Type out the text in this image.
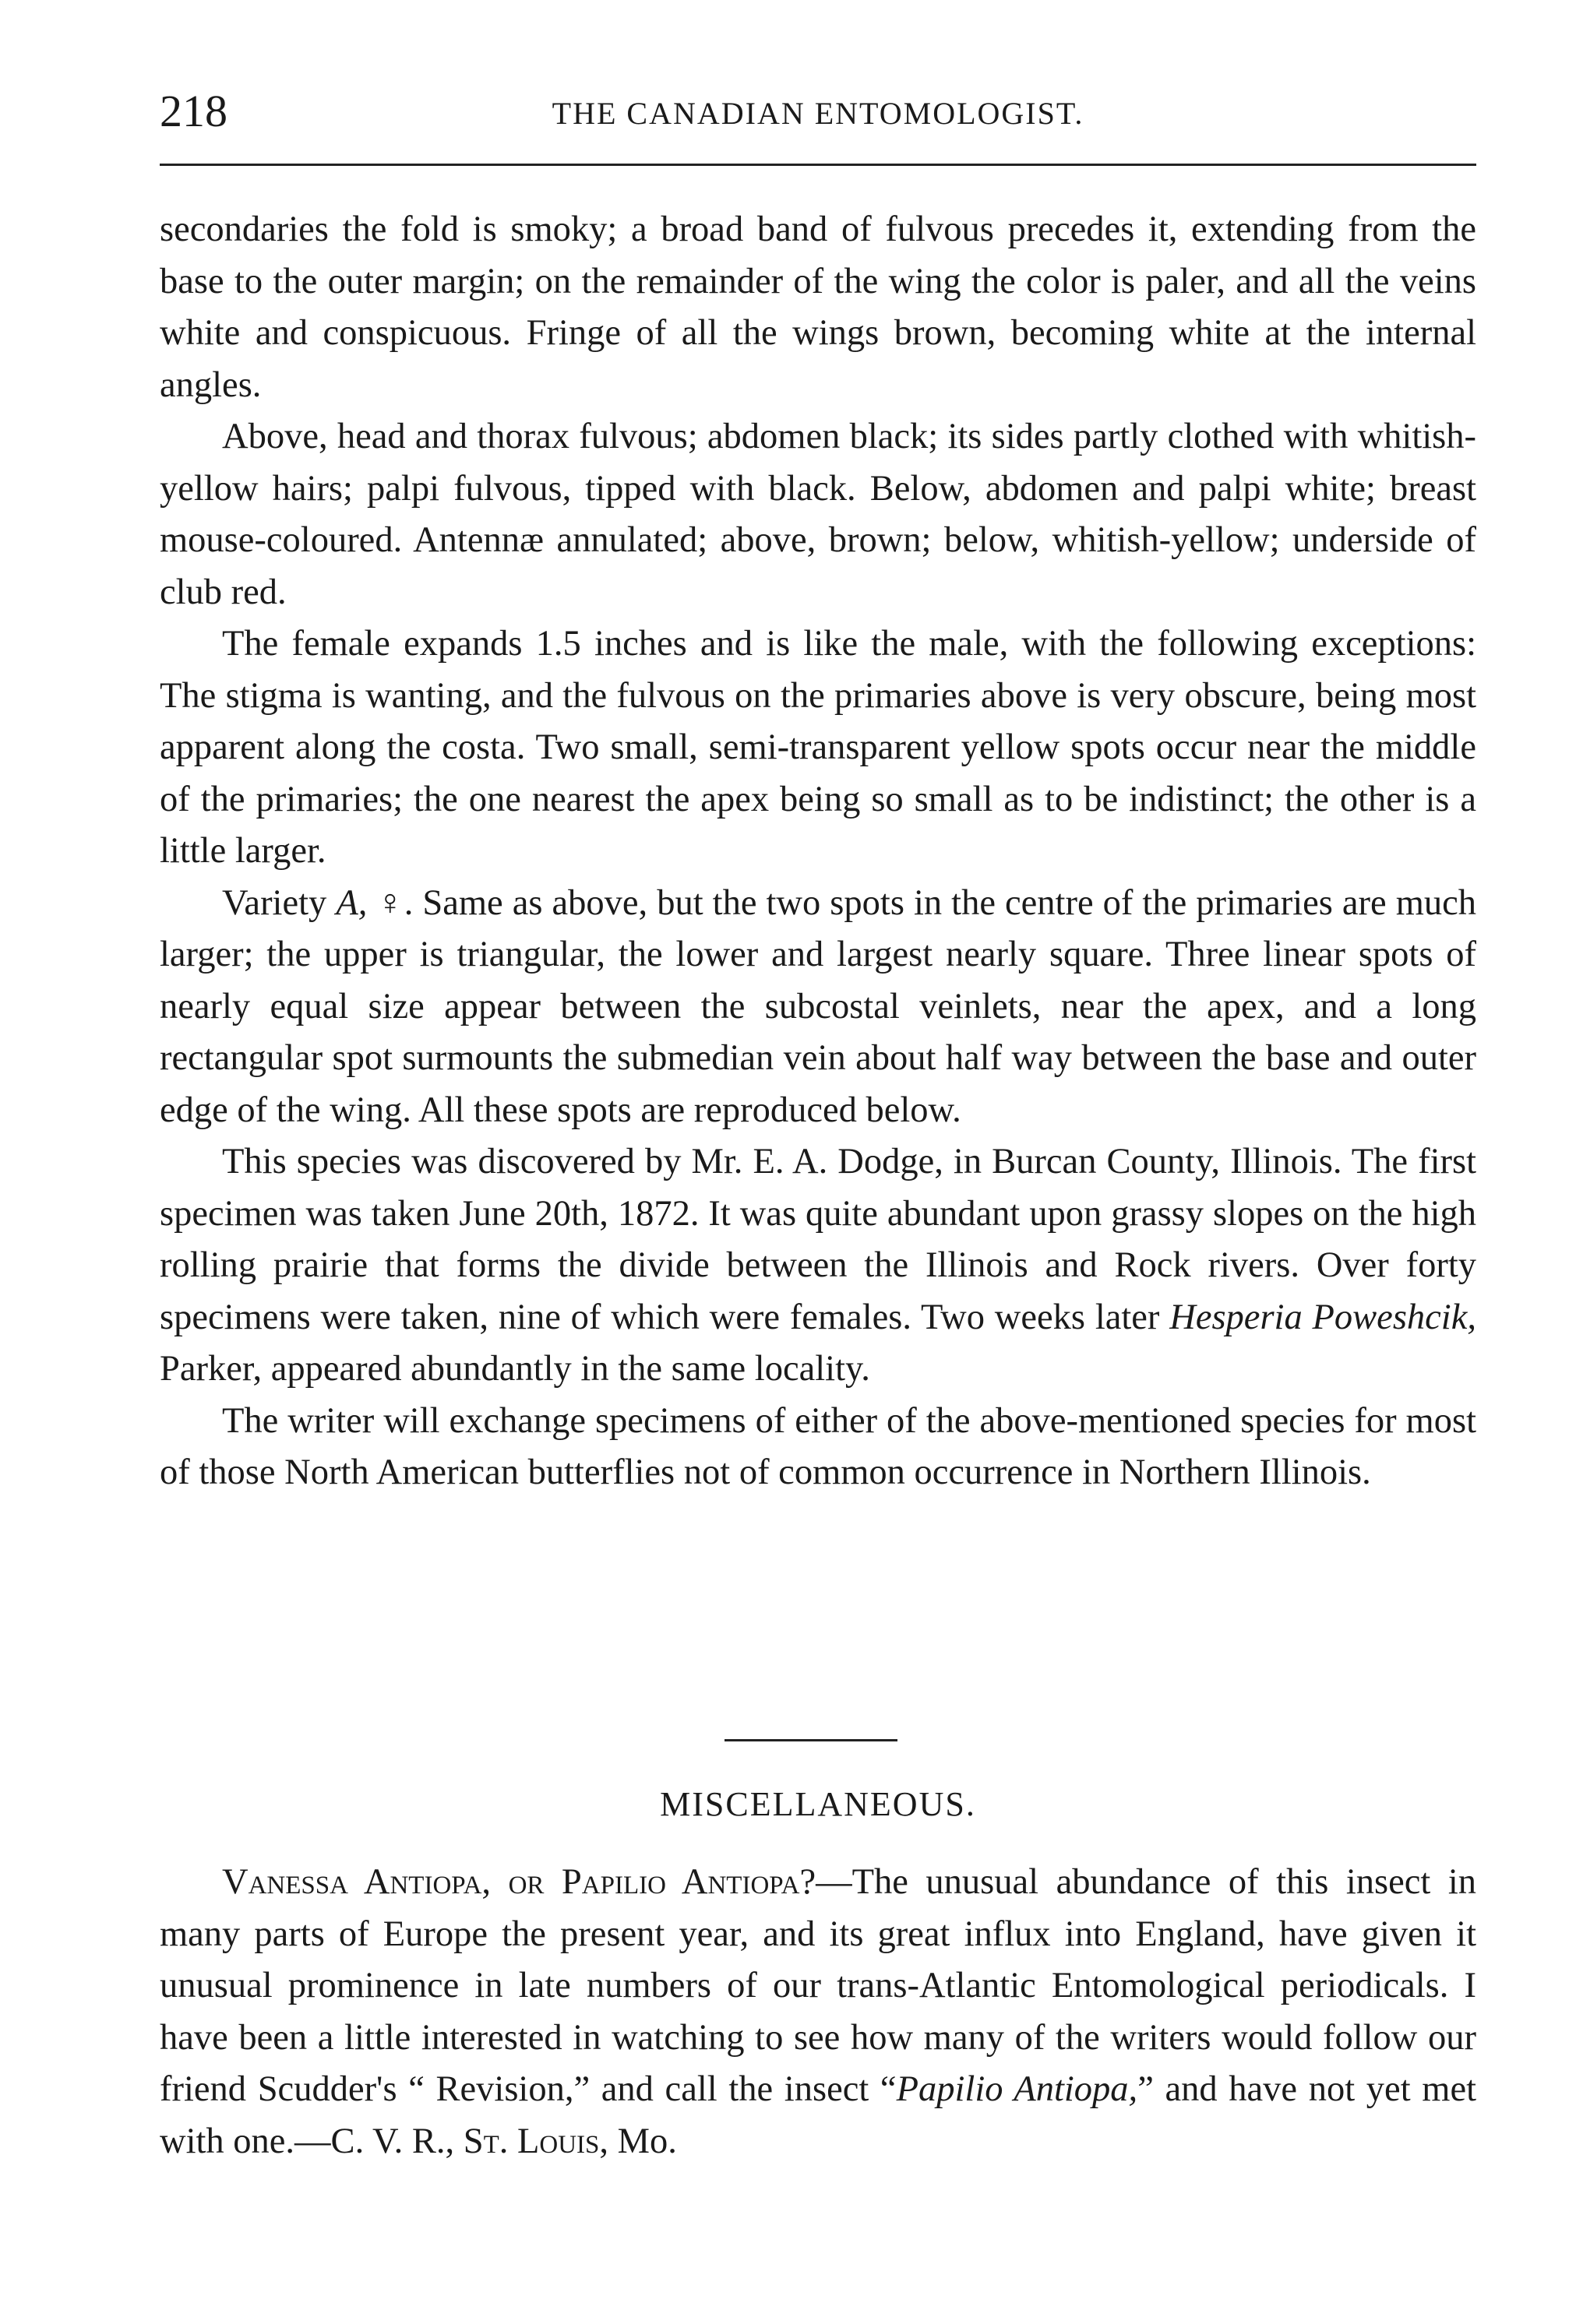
218	THE CANADIAN ENTOMOLOGIST.

secondaries the fold is smoky; a broad band of fulvous precedes it, extending from the base to the outer margin; on the remainder of the wing the color is paler, and all the veins white and conspicuous. Fringe of all the wings brown, becoming white at the internal angles.

Above, head and thorax fulvous; abdomen black; its sides partly clothed with whitish-yellow hairs; palpi fulvous, tipped with black. Below, abdomen and palpi white; breast mouse-coloured. Antennæ annulated; above, brown; below, whitish-yellow; underside of club red.

The female expands 1.5 inches and is like the male, with the following exceptions: The stigma is wanting, and the fulvous on the primaries above is very obscure, being most apparent along the costa. Two small, semi-transparent yellow spots occur near the middle of the primaries; the one nearest the apex being so small as to be indistinct; the other is a little larger.

Variety A, ♀. Same as above, but the two spots in the centre of the primaries are much larger; the upper is triangular, the lower and largest nearly square. Three linear spots of nearly equal size appear between the subcostal veinlets, near the apex, and a long rectangular spot surmounts the submedian vein about half way between the base and outer edge of the wing. All these spots are reproduced below.

This species was discovered by Mr. E. A. Dodge, in Burcan County, Illinois. The first specimen was taken June 20th, 1872. It was quite abundant upon grassy slopes on the high rolling prairie that forms the divide between the Illinois and Rock rivers. Over forty specimens were taken, nine of which were females. Two weeks later Hesperia Poweshcik, Parker, appeared abundantly in the same locality.

The writer will exchange specimens of either of the above-mentioned species for most of those North American butterflies not of common occurrence in Northern Illinois.

MISCELLANEOUS.

Vanessa Antiopa, or Papilio Antiopa?—The unusual abundance of this insect in many parts of Europe the present year, and its great influx into England, have given it unusual prominence in late numbers of our trans-Atlantic Entomological periodicals. I have been a little interested in watching to see how many of the writers would follow our friend Scudder's “ Revision,” and call the insect “Papilio Antiopa,” and have not yet met with one.—C. V. R., St. Louis, Mo.
